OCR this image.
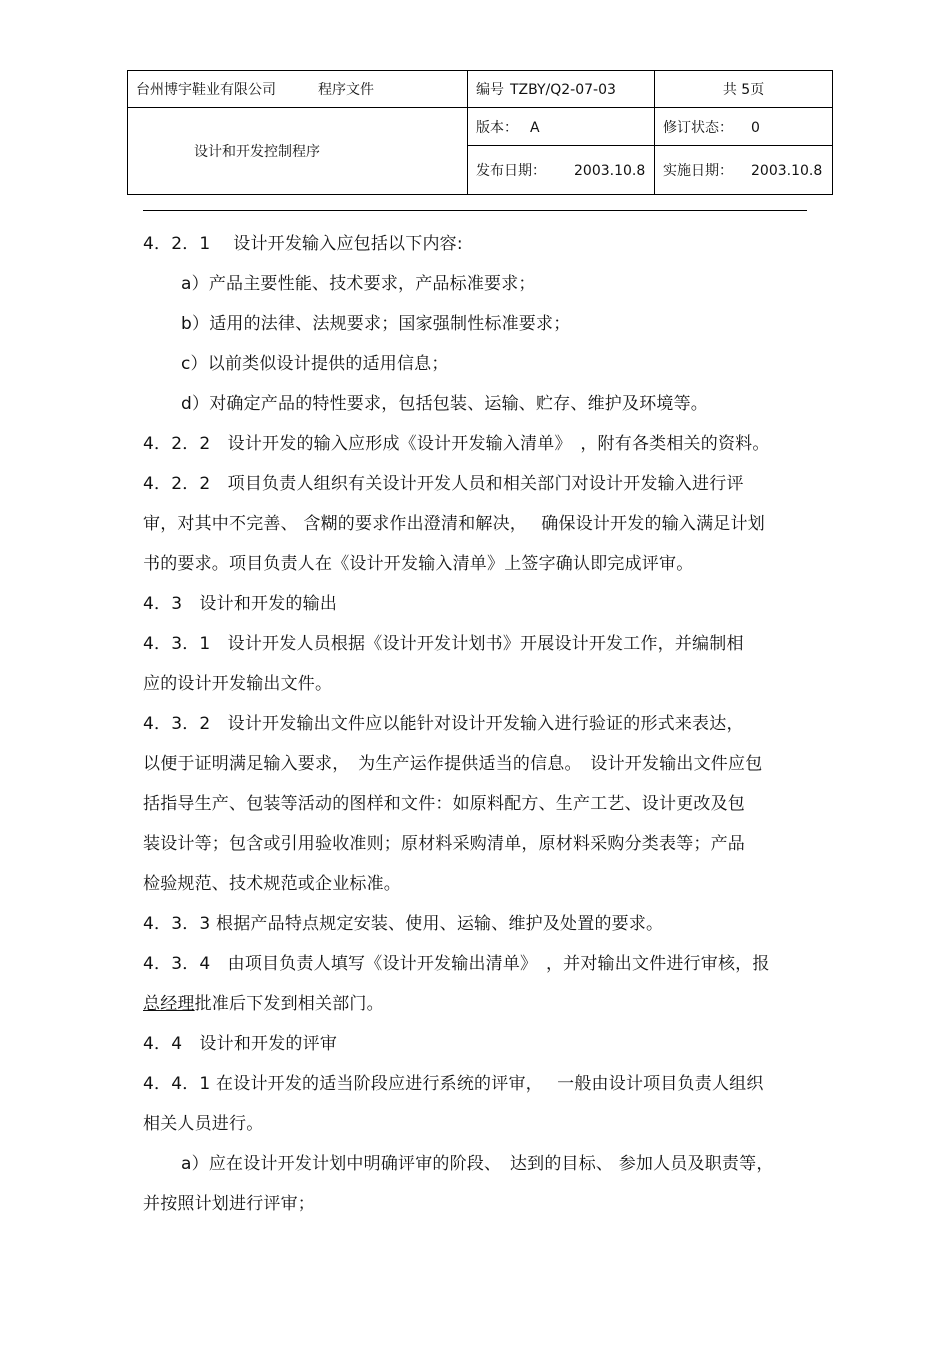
台州博宇鞋业有限公司 程序文件	编号 TZBY/Q2-07-03	共 5页
设计和开发控制程序	版本： A	修订状态： 0
	发布日期： 2003.10.8	实施日期： 2003.10.8
4．2．1　 设计开发输入应包括以下内容:
a）产品主要性能、技术要求，产品标准要求；
b）适用的法律、法规要求；国家强制性标准要求；
c）以前类似设计提供的适用信息；
d）对确定产品的特性要求，包括包装、运输、贮存、维护及环境等。
4．2．2　设计开发的输入应形成《设计开发输入清单》　，附有各类相关的资料。
4．2．2　项目负责人组织有关设计开发人员和相关部门对设计开发输入进行评
审，对其中不完善、 含糊的要求作出澄清和解决，　 确保设计开发的输入满足计划
书的要求。项目负责人在《设计开发输入清单》上签字确认即完成评审。
4．3　设计和开发的输出
4．3．1　设计开发人员根据《设计开发计划书》开展设计开发工作，并编制相
应的设计开发输出文件。
4．3．2　设计开发输出文件应以能针对设计开发输入进行验证的形式来表达，
以便于证明满足输入要求，　为生产运作提供适当的信息。　设计开发输出文件应包
括指导生产、包装等活动的图样和文件：如原料配方、生产工艺、设计更改及包
装设计等；包含或引用验收准则；原材料采购清单，原材料采购分类表等；产品
检验规范、技术规范或企业标准。
4．3．3 根据产品特点规定安装、使用、运输、维护及处置的要求。
4．3．4　由项目负责人填写《设计开发输出清单》　，并对输出文件进行审核，报
总经理批准后下发到相关部门。
4．4　设计和开发的评审
4．4．1 在设计开发的适当阶段应进行系统的评审，　 一般由设计项目负责人组织
相关人员进行。
a）应在设计开发计划中明确评审的阶段、　达到的目标、 参加人员及职责等，
并按照计划进行评审；
